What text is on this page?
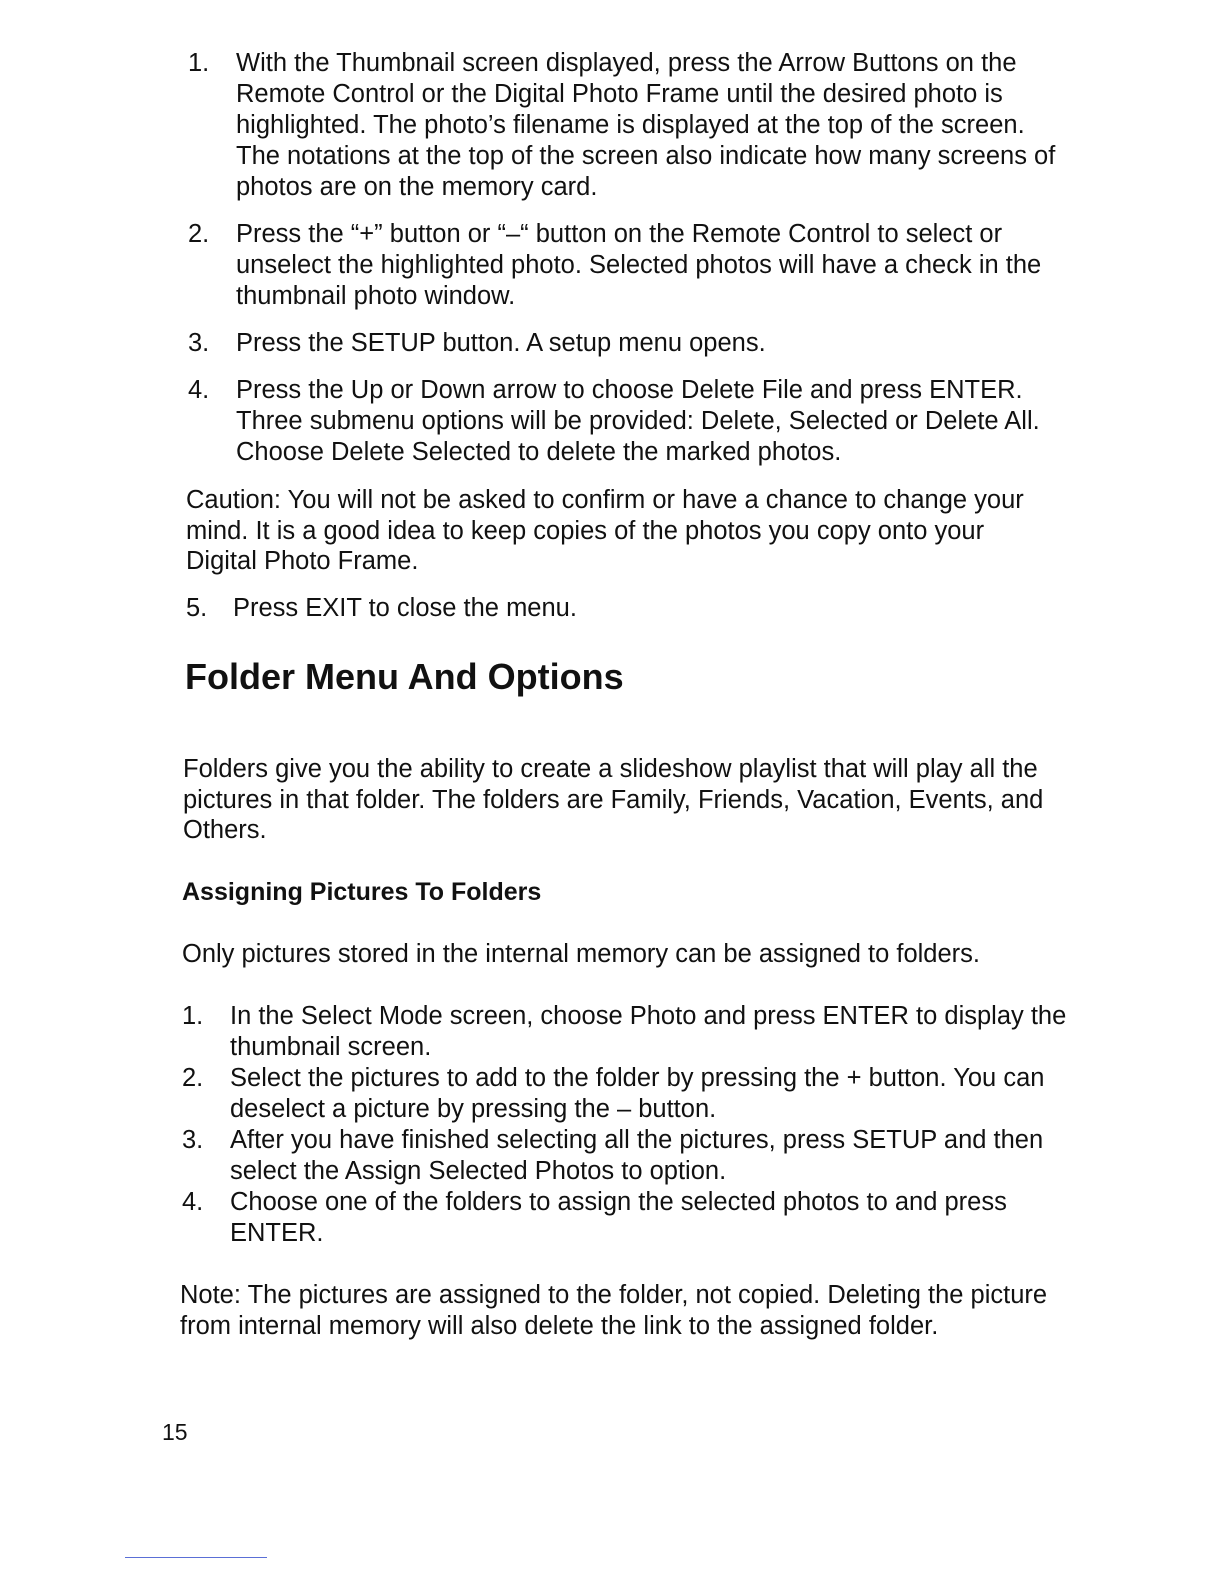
1. With the Thumbnail screen displayed, press the Arrow Buttons on the Remote Control or the Digital Photo Frame until the desired photo is highlighted. The photo’s filename is displayed at the top of the screen. The notations at the top of the screen also indicate how many screens of photos are on the memory card.
2. Press the “+” button or “–“ button on the Remote Control to select or unselect the highlighted photo. Selected photos will have a check in the thumbnail photo window.
3. Press the SETUP button. A setup menu opens.
4. Press the Up or Down arrow to choose Delete File and press ENTER. Three submenu options will be provided: Delete, Selected or Delete All. Choose Delete Selected to delete the marked photos.

Caution: You will not be asked to confirm or have a chance to change your mind. It is a good idea to keep copies of the photos you copy onto your Digital Photo Frame.

5. Press EXIT to close the menu.
Folder Menu And Options

Folders give you the ability to create a slideshow playlist that will play all the pictures in that folder. The folders are Family, Friends, Vacation, Events, and Others.

Assigning Pictures To Folders

Only pictures stored in the internal memory can be assigned to folders.

1. In the Select Mode screen, choose Photo and press ENTER to display the thumbnail screen.
2. Select the pictures to add to the folder by pressing the + button. You can deselect a picture by pressing the – button.
3. After you have finished selecting all the pictures, press SETUP and then select the Assign Selected Photos to option.
4. Choose one of the folders to assign the selected photos to and press ENTER.

Note: The pictures are assigned to the folder, not copied. Deleting the picture from internal memory will also delete the link to the assigned folder.

15
